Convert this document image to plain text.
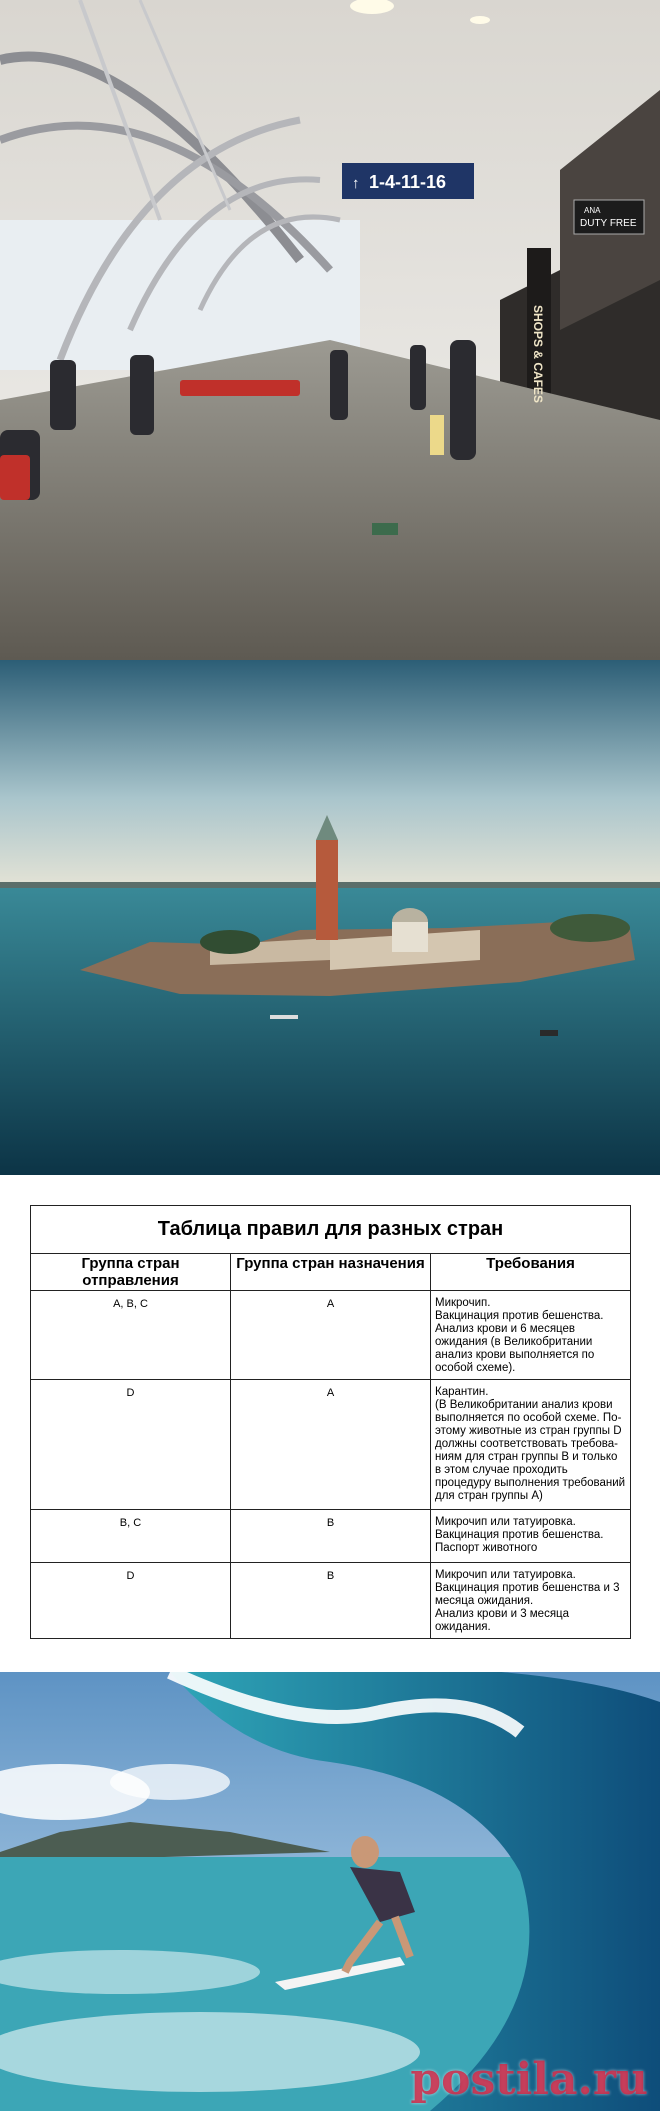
↑ 1-4-11-16
ANA
DUTY FREE
SHOPS & CAFES
Таблица правил для разных стран		
Группа стран отправления	Группа стран назначения	Требования
A, B, C	A	Микрочип.
Вакцинация против бешенства.
Анализ крови и 6 месяцев ожидания (в Великобритании анализ крови выполняется по особой схеме).
D	A	Карантин.
(В Великобритании анализ крови выполняется по особой схеме. По-этому животные из стран группы D должны соответствовать требова-ниям для стран группы В и только в этом случае проходить процедуру выполнения требований для стран группы А)
B, C	B	Микрочип или татуировка.
Вакцинация против бешенства.
Паспорт животного
D	B	Микрочип или татуировка.
Вакцинация против бешенства и 3 месяца ожидания.
Анализ крови и 3 месяца ожидания.
postila.ru
